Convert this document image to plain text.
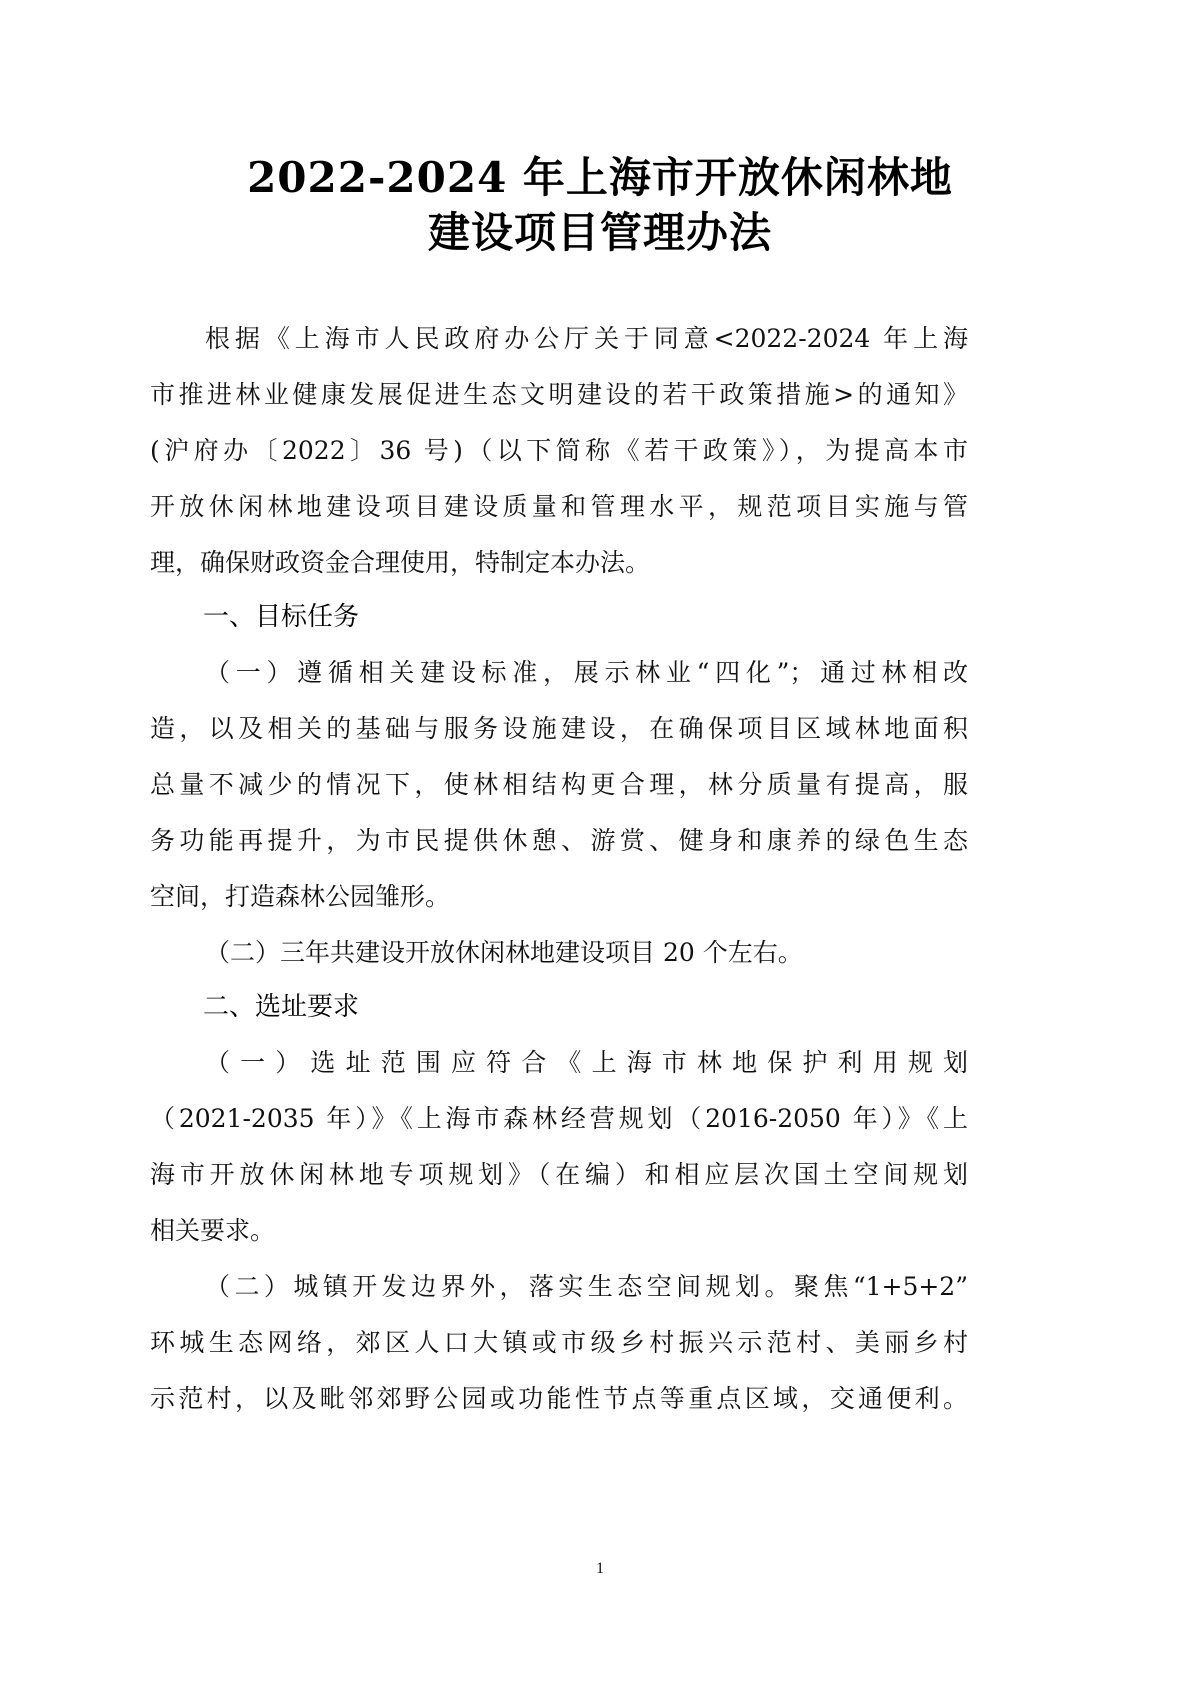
2022-2024 年上海市开放休闲林地
建设项目管理办法
根据《上海市人民政府办公厅关于同意<2022-2024 年上海
市推进林业健康发展促进生态文明建设的若干政策措施>的通知》
(沪府办〔2022〕36 号)（以下简称《若干政策》），为提高本市
开放休闲林地建设项目建设质量和管理水平，规范项目实施与管
理，确保财政资金合理使用，特制定本办法。
一、目标任务
（一）遵循相关建设标准，展示林业“四化”；通过林相改
造，以及相关的基础与服务设施建设，在确保项目区域林地面积
总量不减少的情况下，使林相结构更合理，林分质量有提高，服
务功能再提升，为市民提供休憩、游赏、健身和康养的绿色生态
空间，打造森林公园雏形。
（二）三年共建设开放休闲林地建设项目 20 个左右。
二、选址要求
（一）选址范围应符合《上海市林地保护利用规划
（2021-2035 年）》《上海市森林经营规划（2016-2050 年）》《上
海市开放休闲林地专项规划》（在编）和相应层次国土空间规划
相关要求。
（二）城镇开发边界外，落实生态空间规划。聚焦“1+5+2”
环城生态网络，郊区人口大镇或市级乡村振兴示范村、美丽乡村
示范村，以及毗邻郊野公园或功能性节点等重点区域，交通便利。
1
